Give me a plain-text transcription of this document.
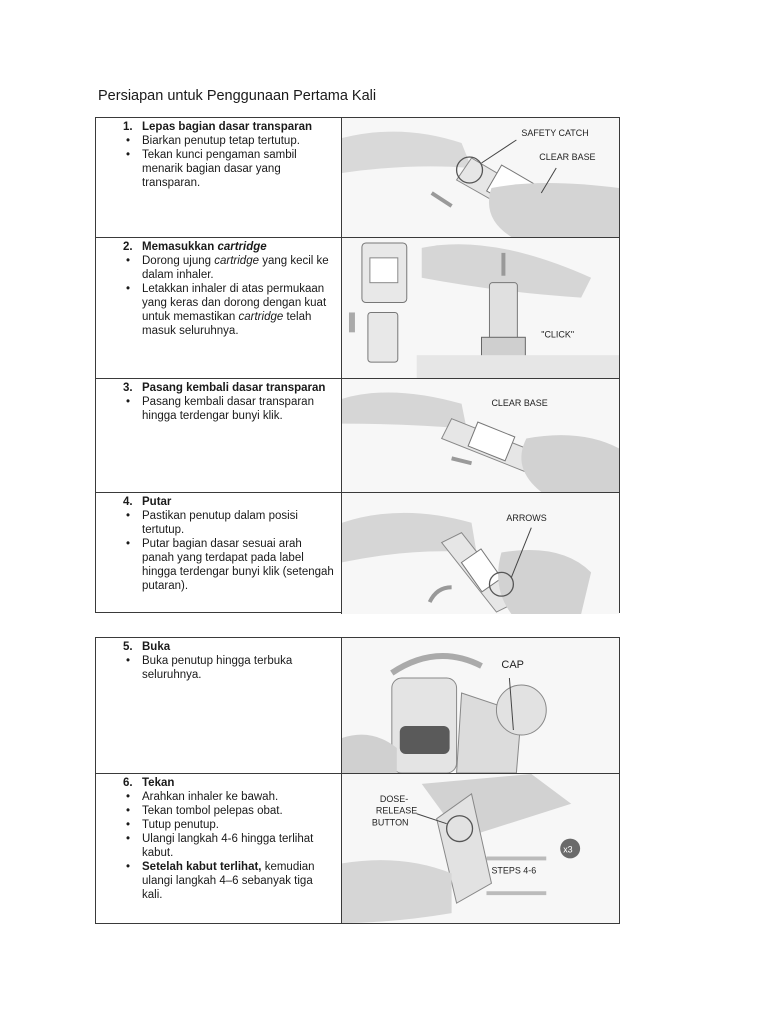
Persiapan untuk Penggunaan Pertama Kali
1. Lepas bagian dasar transparan
• Biarkan penutup tetap tertutup.
• Tekan kunci pengaman sambil menarik bagian dasar yang transparan.
SAFETY CATCH
CLEAR BASE
2. Memasukkan cartridge
• Dorong ujung cartridge yang kecil ke dalam inhaler.
• Letakkan inhaler di atas permukaan yang keras dan dorong dengan kuat untuk memastikan cartridge telah masuk seluruhnya.	"CLICK"
3. Pasang kembali dasar transparan
• Pasang kembali dasar transparan hingga terdengar bunyi klik.
CLEAR BASE
4. Putar
• Pastikan penutup dalam posisi tertutup.
• Putar bagian dasar sesuai arah panah yang terdapat pada label hingga terdengar bunyi klik (setengah putaran).
ARROWS
5. Buka
• Buka penutup hingga terbuka seluruhnya.
CAP
6. Tekan
• Arahkan inhaler ke bawah.
• Tekan tombol pelepas obat.
• Tutup penutup.
• Ulangi langkah 4-6 hingga terlihat kabut.
• Setelah kabut terlihat, kemudian ulangi langkah 4–6 sebanyak tiga kali.
x3
DOSE-
RELEASE
BUTTON
STEPS 4-6
